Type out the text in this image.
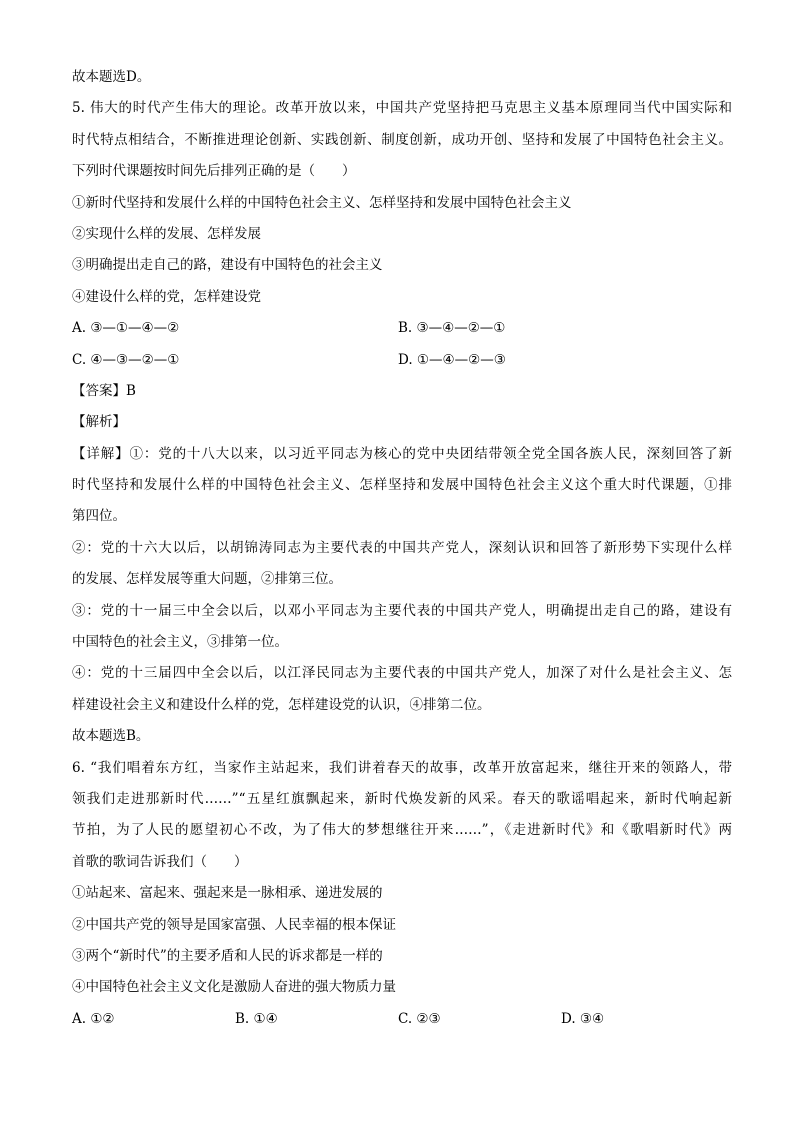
故本题选D。
5. 伟大的时代产生伟大的理论。改革开放以来，中国共产党坚持把马克思主义基本原理同当代中国实际和
时代特点相结合，不断推进理论创新、实践创新、制度创新，成功开创、坚持和发展了中国特色社会主义。
下列时代课题按时间先后排列正确的是（　　）
①新时代坚持和发展什么样的中国特色社会主义、怎样坚持和发展中国特色社会主义
②实现什么样的发展、怎样发展
③明确提出走自己的路，建设有中国特色的社会主义
④建设什么样的党，怎样建设党
A. ③—①—④—②	B. ③—④—②—①
C. ④—③—②—①	D. ①—④—②—③
【答案】B
【解析】
【详解】①：党的十八大以来，以习近平同志为核心的党中央团结带领全党全国各族人民，深刻回答了新
时代坚持和发展什么样的中国特色社会主义、怎样坚持和发展中国特色社会主义这个重大时代课题，①排
第四位。
②：党的十六大以后，以胡锦涛同志为主要代表的中国共产党人，深刻认识和回答了新形势下实现什么样
的发展、怎样发展等重大问题，②排第三位。
③：党的十一届三中全会以后，以邓小平同志为主要代表的中国共产党人，明确提出走自己的路，建设有
中国特色的社会主义，③排第一位。
④：党的十三届四中全会以后，以江泽民同志为主要代表的中国共产党人，加深了对什么是社会主义、怎
样建设社会主义和建设什么样的党，怎样建设党的认识，④排第二位。
故本题选B。
6. “我们唱着东方红，当家作主站起来，我们讲着春天的故事，改革开放富起来，继往开来的领路人，带
领我们走进那新时代……”“五星红旗飘起来，新时代焕发新的风采。春天的歌谣唱起来，新时代响起新
节拍，为了人民的愿望初心不改，为了伟大的梦想继往开来……”，《走进新时代》和《歌唱新时代》两
首歌的歌词告诉我们（　　）
①站起来、富起来、强起来是一脉相承、递进发展的
②中国共产党的领导是国家富强、人民幸福的根本保证
③两个“新时代”的主要矛盾和人民的诉求都是一样的
④中国特色社会主义文化是激励人奋进的强大物质力量
A. ①②	B. ①④	C. ②③	D. ③④
